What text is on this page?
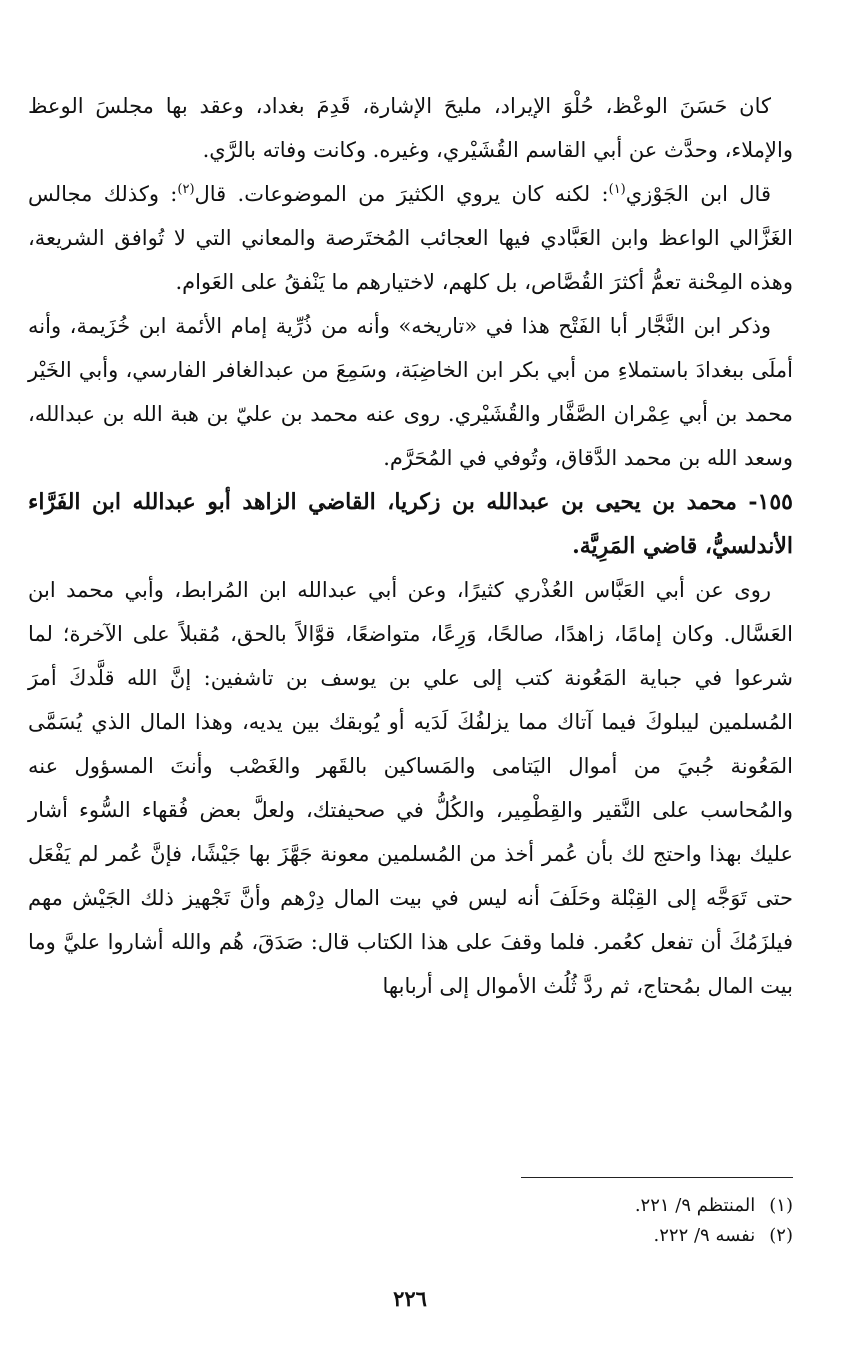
كان حَسَنَ الوعْظ، حُلْوَ الإيراد، مليحَ الإشارة، قَدِمَ بغداد، وعقد بها مجلسَ الوعظ والإملاء، وحدَّث عن أبي القاسم القُشَيْري، وغيره. وكانت وفاته بالرَّي.

قال ابن الجَوْزي$^{(١)}$: لكنه كان يروي الكثيرَ من الموضوعات. قال$^{(٢)}$: وكذلك مجالس الغَزَّالي الواعظ وابن العَبَّادي فيها العجائب المُختَرصة والمعاني التي لا تُوافق الشريعة، وهذه المِحْنة تعمُّ أكثرَ القُصَّاص، بل كلهم، لاختيارهم ما يَنْفقُ على العَوام.

وذكر ابن النَّجَّار أبا الفَتْح هذا في «تاريخه» وأنه من ذُرِّية إمام الأئمة ابن خُزَيمة، وأنه أملَى ببغدادَ باستملاءِ من أبي بكر ابن الخاضِبَة، وسَمِعَ من عبدالغافر الفارسي، وأبي الخَيْر محمد بن أبي عِمْران الصَّفَّار والقُشَيْري. روى عنه محمد بن عليّ بن هبة الله بن عبدالله، وسعد الله بن محمد الدَّقاق، وتُوفي في المُحَرَّم.

١٥٥- محمد بن يحيى بن عبدالله بن زكريا، القاضي الزاهد أبو عبدالله ابن الفَرَّاء الأندلسيُّ، قاضي المَرِيَّة.

روى عن أبي العَبَّاس العُذْري كثيرًا، وعن أبي عبدالله ابن المُرابط، وأبي محمد ابن العَسَّال. وكان إمامًا، زاهدًا، صالحًا، وَرِعًا، متواضعًا، قوَّالاً بالحق، مُقبلاً على الآخرة؛ لما شرعوا في جباية المَعُونة كتب إلى علي بن يوسف بن تاشفين: إنَّ الله قلَّدكَ أمرَ المُسلمين ليبلوكَ فيما آتاك مما يزلفُكَ لَدَيه أو يُوبقك بين يديه، وهذا المال الذي يُسَمَّى المَعُونة جُبيَ من أموال اليَتامى والمَساكين بالقَهر والغَصْب وأنتَ المسؤول عنه والمُحاسب على النَّقير والقِطْمِير، والكُلُّ في صحيفتك، ولعلَّ بعض فُقهاء السُّوء أشار عليك بهذا واحتج لك بأن عُمر أخذ من المُسلمين معونة جَهَّزَ بها جَيْشًا، فإنَّ عُمر لم يَفْعَل حتى تَوَجَّه إلى القِبْلة وحَلَفَ أنه ليس في بيت المال دِرْهم وأنَّ تَجْهيز ذلك الجَيْش مهم فيلزَمُكَ أن تفعل كعُمر. فلما وقفَ على هذا الكتاب قال: صَدَقَ، هُم والله أشاروا عليَّ وما بيت المال بمُحتاج، ثم ردَّ ثُلُث الأموال إلى أربابها

(١)المنتظم ٩/ ٢٢١.
(٢)نفسه ٩/ ٢٢٢.
٢٢٦
